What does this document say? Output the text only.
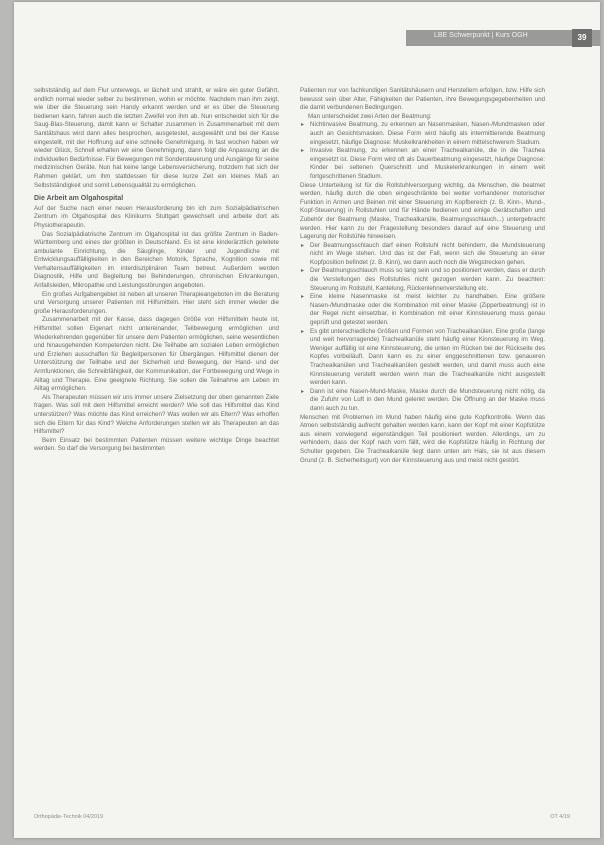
LBE Schwerpunkt | Kurs OGH	39

selbstständig auf dem Flur unterwegs, er lächelt und strahlt, er wäre ein guter Gefährt, endlich normal wieder selber zu bestimmen, wohin er möchte. Nachdem man ihm zeigt, wie über die Steuerung sein Handy erkannt werden und er es über die Steuerung bedienen kann, fahren auch die letzten Zweifel von ihm ab. Nun entscheidet sich für die Saug-Blas-Steuerung, damit kann er Schalter zusammen in Zusammenarbeit mit dem Sanitätshaus wird dann alles besprochen, ausgetestet, ausgewählt und bei der Kasse eingestellt, mit der Hoffnung auf eine schnelle Genehmigung. In fast wochen haben wir wieder Glück, Schnell erhalten wir eine Genehmigung, dann folgt die Anpassung an die individuellen Bedürfnisse. Für Bewegungen mit Sondersteuerung und Ausgänge für seine medizinischen Geräte. Nun hat keine lange Lebensversicherung, trotzdem hat sich der Rahmen geklärt, um ihm stattdessen für diese kurze Zeit ein kleines Maß an Selbstständigkeit und somit Lebensqualität zu ermöglichen.

Die Arbeit am Olgahospital

Auf der Suche nach einer neuen Herausforderung bin ich zum Sozialpädiatrischen Zentrum im Olgahospital des Klinikums Stuttgart gewechselt und arbeite dort als Physiotherapeutin.

Das Sozialpädiatrische Zentrum im Olgahospital ist das größte Zentrum in Baden-Württemberg und eines der größten in Deutschland. Es ist eine kinderärztlich geleitete ambulante Einrichtung, die Säuglinge, Kinder und Jugendliche mit Entwicklungsauffälligkeiten in den Bereichen Motorik, Sprache, Kognition sowie mit Verhaltensauffälligkeiten im interdisziplinären Team betreut. Außerdem werden Diagnostik, Hilfe und Begleitung bei Behinderungen, chronischen Erkrankungen, Anfallsleiden, Mikropathie und Leistungsstörungen angeboten.

Ein großes Aufgabengebiet ist neben all unseren Therapieangeboten im die Beratung und Versorgung unserer Patienten mit Hilfsmitteln. Hier steht sich immer wieder die große Herausforderungen.

Zusammenarbeit mit der Kasse, dass dagegen Größe von Hilfsmitteln heute ist, Hilfsmittel sollen Eigenart nicht untereinander, Teilbewegung ermöglichen und Wiederkehrenden gegenüber für unsere dem Patienten ermöglichen, seine wesentlichen und hinausgehenden Kompetenzen nicht. Die Teilhabe am sozialen Leben ermöglichen und Erziehen ausschaffen für Begleitpersonen für Übergängen. Hilfsmittel dienen der Unterstützung der Teilhabe und der Sicherheit und Bewegung, der Hand- und der Armfunktionen, die Schreibfähigkeit, der Kommunikation, der Fortbewegung und Wege in Alltag und Therapie. Eine geeignete Richtung. Sie sollen die Teilnahme am Leben im Alltag ermöglichen.

Als Therapeuten müssen wir uns immer unsere Zielsetzung der oben genannten Ziele fragen. Was soll mit dem Hilfsmittel erreicht werden? Wie soll das Hilfsmittel das Kind unterstützen? Was möchte das Kind erreichen? Was wollen wir als Eltern? Was erhoffen sich die Eltern für das Kind? Welche Anforderungen stellen wir als Therapeuten an das Hilfsmittel?

Beim Einsatz bei bestimmten Patienten müssen weitere wichtige Dinge beachtet werden. So darf die Versorgung bei bestimmten

Patienten nur von fachkundigen Sanitätshäusern und Herstellern erfolgen, bzw. Hilfe sich bewusst sein über Alter, Fähigkeiten der Patienten, ihre Bewegungsgegebenheiten und die damit verbundenen Bedingungen.

Man unterscheidet zwei Arten der Beatmung:

▸ Nichtinvasive Beatmung, zu erkennen an Nasenmasken, Nasen-/Mundmasken oder auch an Gesichtsmasken. Diese Form wird häufig als intermittierende Beatmung eingesetzt, häufige Diagnose: Muskelkrankheiten in einem mittelschwerem Stadium.
▸ Invasive Beatmung, zu erkennen an einer Trachealkanüle, die in die Trachea eingesetzt ist. Diese Form wird oft als Dauerbeatmung eingesetzt, häufige Diagnose: Kinder bei seltenen Querschnitt und Muskelerkrankungen in einem weit fortgeschrittenen Stadium.

Diese Unterteilung ist für die Rollstuhlversorgung wichtig, da Menschen, die beatmet werden, häufig durch die oben eingeschränkte bei weiter vorhandener motorischer Funktion in Armen und Beinen mit einer Steuerung im Kopfbereich (z. B. Kinn-, Mund-, Kopf-Steuerung) in Rollstuhlen und für Hände bedienen und einige Gerätschaften und Zubehör der Beatmung (Maske, Trachealkanüle, Beatmungsschlauch...) untergebracht werden. Hier kann zu der Fragestellung besonders darauf auf eine Steuerung und Lagerung der Rollstühle hinweisen.

▸ Der Beatmungsschlauch darf einen Rollstuhl nicht behindern, die Mundsteuerung nicht im Wege stehen. Und das ist der Fall, wenn sich die Steuerung an einer Kopfposition befindet (z. B. Kinn), wo dann auch noch die Wegstrecken gehen.
▸ Der Beatmungsschlauch muss so lang sein und so positioniert werden, dass er durch die Verstellungen des Rollstuhles nicht gezogen werden kann. Zu beachten: Steuerung im Rollstuhl, Kantelung, Rückenlehnenverstellung etc.
▸ Eine kleine Nasenmaske ist meist leichter zu handhaben. Eine größere Nasen-/Mundmaske oder die Kombination mit einer Maske (Zipperbeatmung) ist in der Regel nicht einsetzbar, in Kombination mit einer Kinnsteuerung muss genau geprüft und getestet werden.
▸ Es gibt unterschiedliche Größen und Formen von Trachealkanülen. Eine große (lange und weit hervorragende) Trachealkanüle steht häufig einer Kinnsteuerung im Weg. Weniger auffällig ist eine Kinnsteuerung, die unten im Rücken bei der Rückseite des Kopfes vorbeiläuft. Dann kann es zu einer enggeschnittenen bzw. genaueren Trachealkanülen und Trachealkanülen gestellt werden, und damit muss auch eine Kinnsteuerung verstellt werden wenn man die Trachealkanüle nicht ausgestellt werden kann.
▸ Dann ist eine Nasen-Mund-Maske, Maske durch die Mundsteuerung nicht nötig, da die Zufuhr von Luft in den Mund gelenkt werden. Die Öffnung an der Maske muss dann auch zu tun.

Menschen mit Problemen im Mund haben häufig eine gute Kopfkontrolle. Wenn das Atmen selbstständig aufrecht gehalten werden kann, kann der Kopf mit einer Kopfstütze aus einem vorwiegend eigenständigen Teil positioniert werden. Allerdings, um zu verhindern, dass der Kopf nach vorn fällt, wird die Kopfstütze häufig in Richtung der Schulter gegeben. Die Trachealkanüle liegt dann unten am Hals, sie ist aus diesem Grund (z. B. Sicherheitsgurt) von der Kinnsteuerung aus und meist nicht gestört.

Orthopädie-Technik 04/2019	OT 4/19
